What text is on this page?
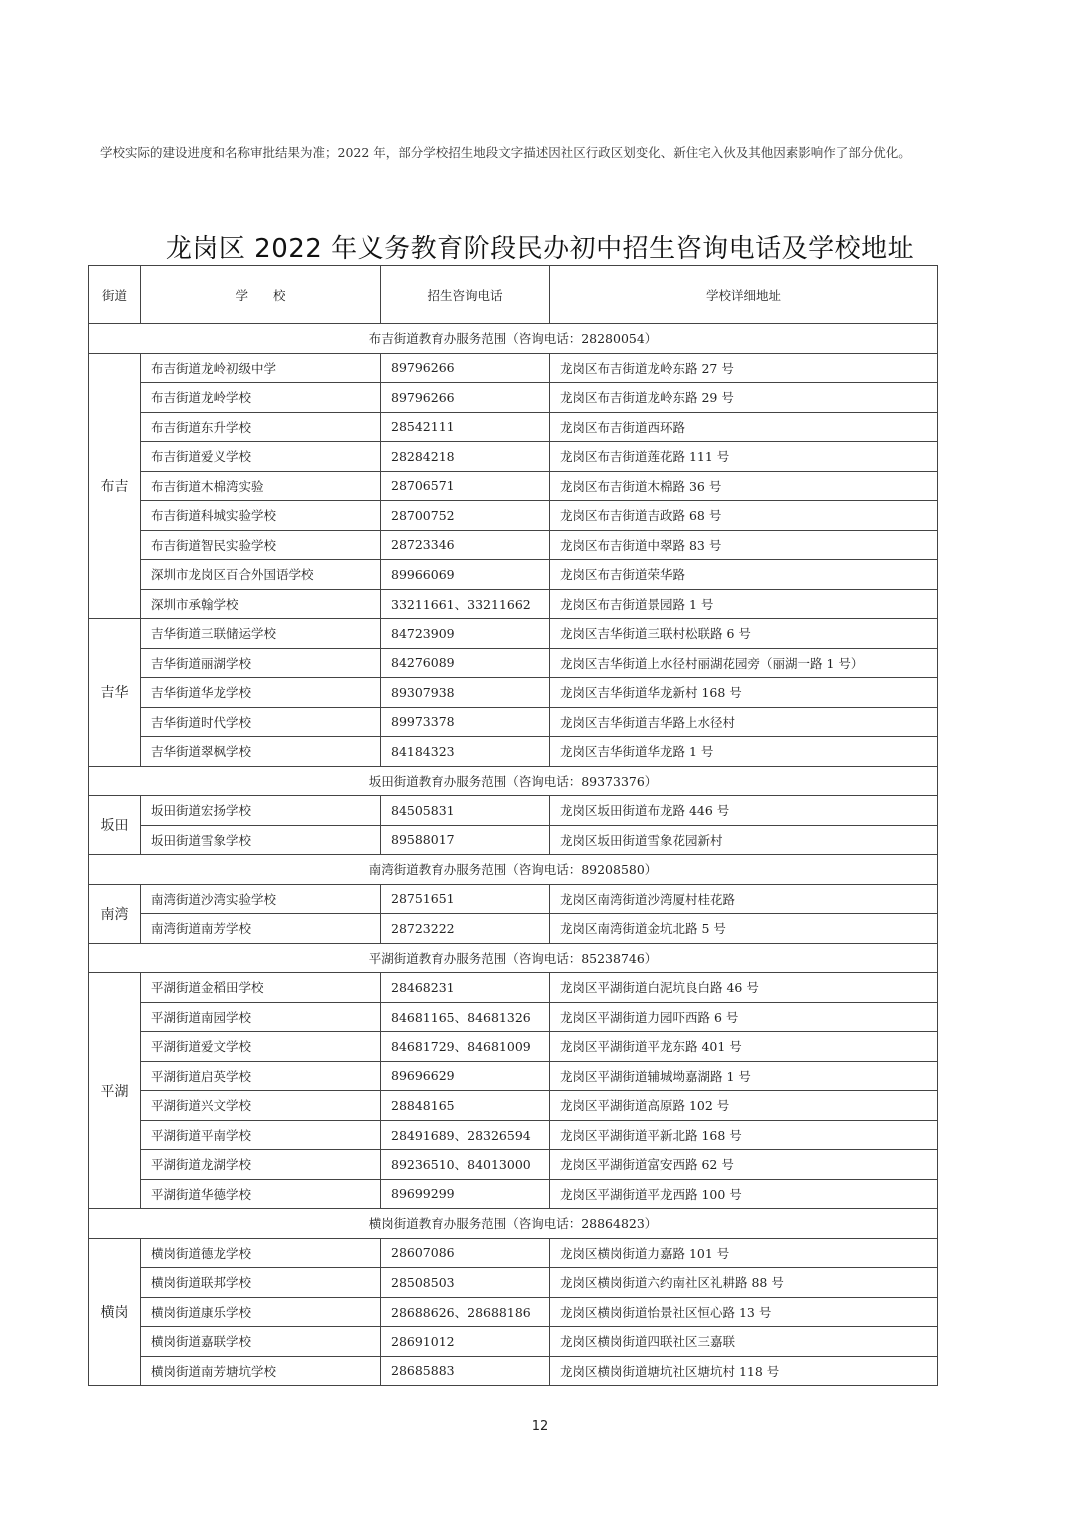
学校实际的建设进度和名称审批结果为准；2022 年，部分学校招生地段文字描述因社区行政区划变化、新住宅入伙及其他因素影响作了部分优化。
龙岗区 2022 年义务教育阶段民办初中招生咨询电话及学校地址
街道	学　　校	招生咨询电话	学校详细地址
布吉街道教育办服务范围（咨询电话：28280054）			
布吉	布吉街道龙岭初级中学	89796266	龙岗区布吉街道龙岭东路 27 号
	布吉街道龙岭学校	89796266	龙岗区布吉街道龙岭东路 29 号
	布吉街道东升学校	28542111	龙岗区布吉街道西环路
	布吉街道爱义学校	28284218	龙岗区布吉街道莲花路 111 号
	布吉街道木棉湾实验	28706571	龙岗区布吉街道木棉路 36 号
	布吉街道科城实验学校	28700752	龙岗区布吉街道吉政路 68 号
	布吉街道智民实验学校	28723346	龙岗区布吉街道中翠路 83 号
	深圳市龙岗区百合外国语学校	89966069	龙岗区布吉街道荣华路
	深圳市承翰学校	33211661、33211662	龙岗区布吉街道景园路 1 号
吉华	吉华街道三联储运学校	84723909	龙岗区吉华街道三联村松联路 6 号
	吉华街道丽湖学校	84276089	龙岗区吉华街道上水径村丽湖花园旁（丽湖一路 1 号）
	吉华街道华龙学校	89307938	龙岗区吉华街道华龙新村 168 号
	吉华街道时代学校	89973378	龙岗区吉华街道吉华路上水径村
	吉华街道翠枫学校	84184323	龙岗区吉华街道华龙路 1 号
坂田街道教育办服务范围（咨询电话：89373376）			
坂田	坂田街道宏扬学校	84505831	龙岗区坂田街道布龙路 446 号
	坂田街道雪象学校	89588017	龙岗区坂田街道雪象花园新村
南湾街道教育办服务范围（咨询电话：89208580）			
南湾	南湾街道沙湾实验学校	28751651	龙岗区南湾街道沙湾厦村桂花路
	南湾街道南芳学校	28723222	龙岗区南湾街道金坑北路 5 号
平湖街道教育办服务范围（咨询电话：85238746）			
平湖	平湖街道金稻田学校	28468231	龙岗区平湖街道白泥坑良白路 46 号
	平湖街道南园学校	84681165、84681326	龙岗区平湖街道力园吓西路 6 号
	平湖街道爱文学校	84681729、84681009	龙岗区平湖街道平龙东路 401 号
	平湖街道启英学校	89696629	龙岗区平湖街道辅城坳嘉湖路 1 号
	平湖街道兴文学校	28848165	龙岗区平湖街道高原路 102 号
	平湖街道平南学校	28491689、28326594	龙岗区平湖街道平新北路 168 号
	平湖街道龙湖学校	89236510、84013000	龙岗区平湖街道富安西路 62 号
	平湖街道华德学校	89699299	龙岗区平湖街道平龙西路 100 号
横岗街道教育办服务范围（咨询电话：28864823）			
横岗	横岗街道德龙学校	28607086	龙岗区横岗街道力嘉路 101 号
	横岗街道联邦学校	28508503	龙岗区横岗街道六约南社区礼耕路 88 号
	横岗街道康乐学校	28688626、28688186	龙岗区横岗街道怡景社区恒心路 13 号
	横岗街道嘉联学校	28691012	龙岗区横岗街道四联社区三嘉联
	横岗街道南芳塘坑学校	28685883	龙岗区横岗街道塘坑社区塘坑村 118 号
12
